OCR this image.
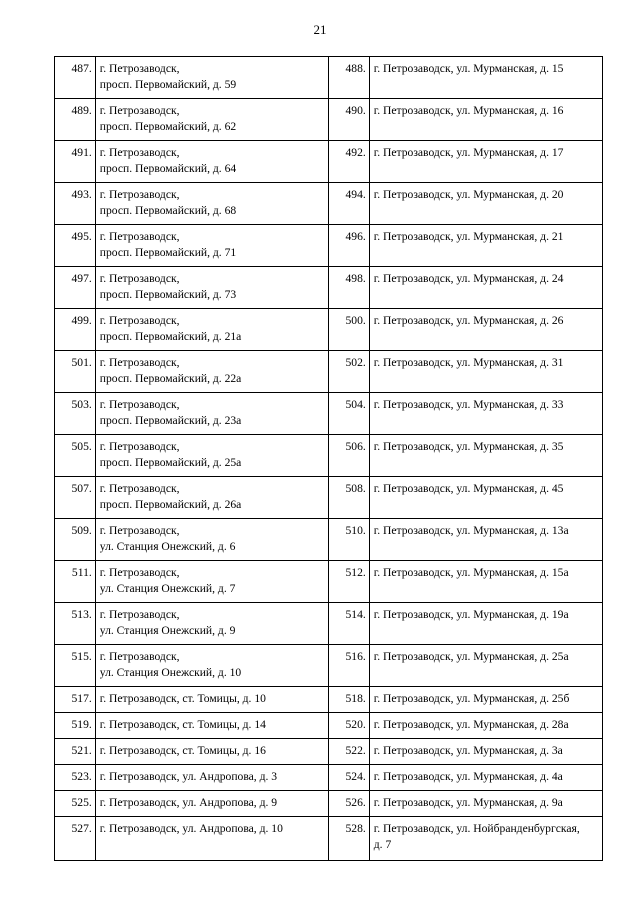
21
487.	г. Петрозаводск,
просп. Первомайский, д. 59	488.	г. Петрозаводск, ул. Мурманская, д. 15

489.	г. Петрозаводск,
просп. Первомайский, д. 62	490.	г. Петрозаводск, ул. Мурманская, д. 16

491.	г. Петрозаводск,
просп. Первомайский, д. 64	492.	г. Петрозаводск, ул. Мурманская, д. 17

493.	г. Петрозаводск,
просп. Первомайский, д. 68	494.	г. Петрозаводск, ул. Мурманская, д. 20

495.	г. Петрозаводск,
просп. Первомайский, д. 71	496.	г. Петрозаводск, ул. Мурманская, д. 21

497.	г. Петрозаводск,
просп. Первомайский, д. 73	498.	г. Петрозаводск, ул. Мурманская, д. 24

499.	г. Петрозаводск,
просп. Первомайский, д. 21а	500.	г. Петрозаводск, ул. Мурманская, д. 26

501.	г. Петрозаводск,
просп. Первомайский, д. 22а	502.	г. Петрозаводск, ул. Мурманская, д. 31

503.	г. Петрозаводск,
просп. Первомайский, д. 23а	504.	г. Петрозаводск, ул. Мурманская, д. 33

505.	г. Петрозаводск,
просп. Первомайский, д. 25а	506.	г. Петрозаводск, ул. Мурманская, д. 35

507.	г. Петрозаводск,
просп. Первомайский, д. 26а	508.	г. Петрозаводск, ул. Мурманская, д. 45

509.	г. Петрозаводск,
ул. Станция Онежский, д. 6	510.	г. Петрозаводск, ул. Мурманская, д. 13а

511.	г. Петрозаводск,
ул. Станция Онежский, д. 7	512.	г. Петрозаводск, ул. Мурманская, д. 15а

513.	г. Петрозаводск,
ул. Станция Онежский, д. 9	514.	г. Петрозаводск, ул. Мурманская, д. 19а

515.	г. Петрозаводск,
ул. Станция Онежский, д. 10	516.	г. Петрозаводск, ул. Мурманская, д. 25а

517.	г. Петрозаводск, ст. Томицы, д. 10	518.	г. Петрозаводск, ул. Мурманская, д. 25б

519.	г. Петрозаводск, ст. Томицы, д. 14	520.	г. Петрозаводск, ул. Мурманская, д. 28а

521.	г. Петрозаводск, ст. Томицы, д. 16	522.	г. Петрозаводск, ул. Мурманская, д. 3а

523.	г. Петрозаводск, ул. Андропова, д. 3	524.	г. Петрозаводск, ул. Мурманская, д. 4а

525.	г. Петрозаводск, ул. Андропова, д. 9	526.	г. Петрозаводск, ул. Мурманская, д. 9а

527.	г. Петрозаводск, ул. Андропова, д. 10	528.	г. Петрозаводск, ул. Нойбранденбургская,
д. 7
